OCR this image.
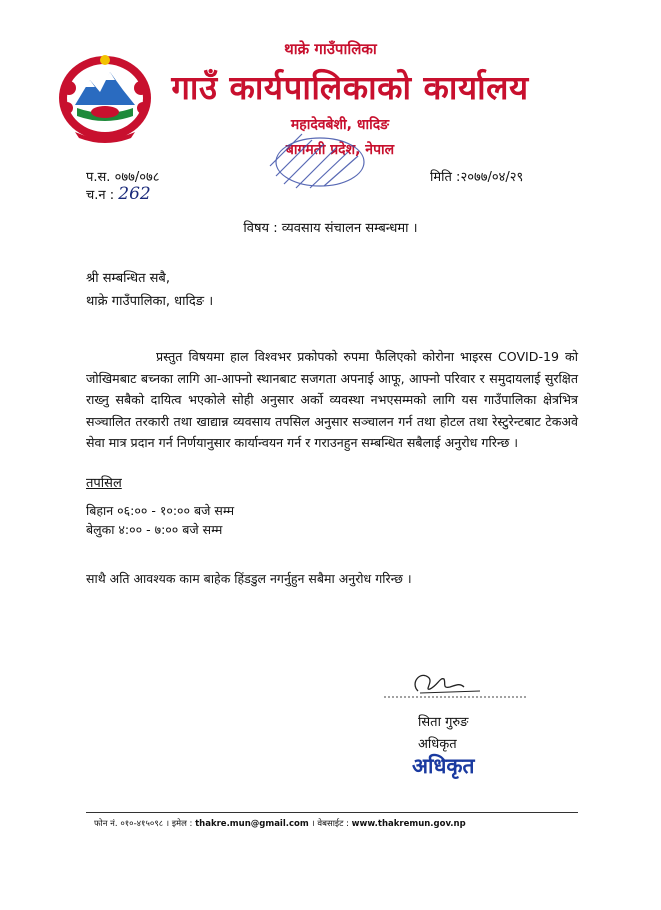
थाक्रे गाउँपालिका
गाउँ कार्यपालिकाको कार्यालय
महादेवबेशी, धादिङ
बागमती प्रदेश, नेपाल
प.स. ०७७/०७८
च.न : 262
मिति :२०७७/०४/२९
विषय : व्यवसाय संचालन सम्बन्धमा ।
श्री सम्बन्धित सबै,
थाक्रे गाउँपालिका, धादिङ ।
प्रस्तुत विषयमा हाल विश्वभर प्रकोपको रुपमा फैलिएको कोरोना भाइरस COVID-19 को जोखिमबाट बच्नका लागि आ-आफ्नो स्थानबाट सजगता अपनाई आफू, आफ्नो परिवार र समुदायलाई सुरक्षित राख्नु सबैको दायित्व भएकोले सोही अनुसार अर्को व्यवस्था नभएसम्मको लागि यस गाउँपालिका क्षेत्रभित्र सञ्चालित तरकारी तथा खाद्यान्न व्यवसाय तपसिल अनुसार सञ्चालन गर्न तथा होटल तथा रेस्टुरेन्टबाट टेकअवे सेवा मात्र प्रदान गर्न निर्णयानुसार कार्यान्वयन गर्न र गराउनहुन सम्बन्धित सबैलाई अनुरोध गरिन्छ ।
तपसिल
बिहान ०६:०० - १०:०० बजे सम्म
बेलुका ४:०० - ७:०० बजे सम्म
साथै अति आवश्यक काम बाहेक हिंडडुल नगर्नुहुन सबैमा अनुरोध गरिन्छ ।
सिता गुरुङ
अधिकृत
अधिकृत
फोन नं. ०१०-४१५०९८ । इमेल : thakre.mun@gmail.com । वेबसाईट : www.thakremun.gov.np
